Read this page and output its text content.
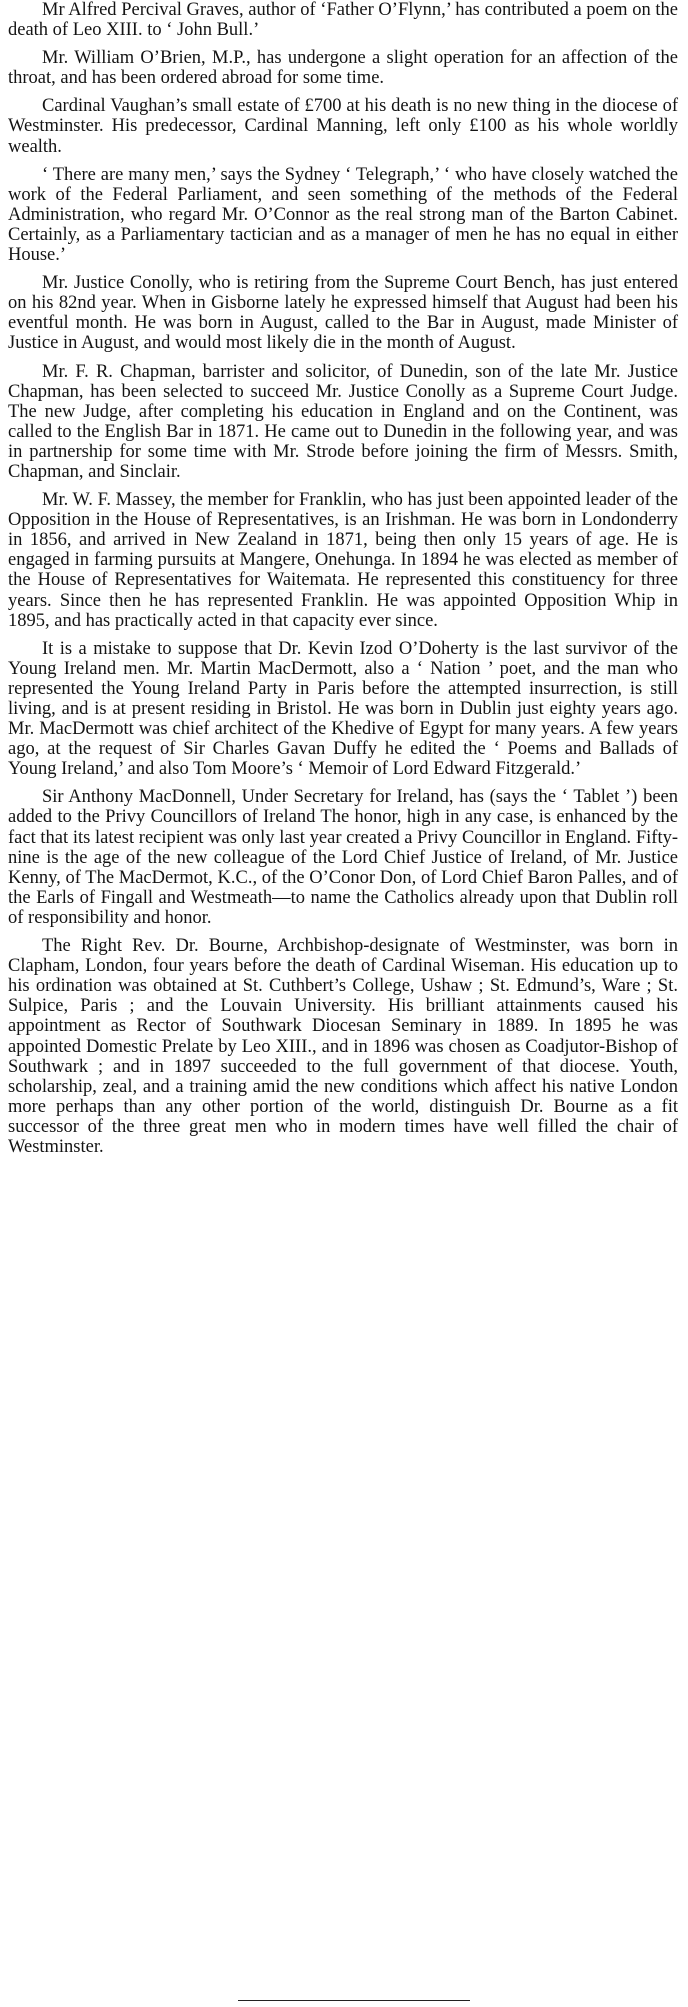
Mr Alfred Percival Graves, author of ‘Father O’Flynn,’ has contributed a poem on the death of Leo XIII. to ‘ John Bull.’

Mr. William O’Brien, M.P., has undergone a slight operation for an affection of the throat, and has been ordered abroad for some time.

Cardinal Vaughan’s small estate of £700 at his death is no new thing in the diocese of Westminster. His predecessor, Cardinal Manning, left only £100 as his whole worldly wealth.

‘ There are many men,’ says the Sydney ‘ Telegraph,’ ‘ who have closely watched the work of the Federal Parliament, and seen something of the methods of the Federal Administration, who regard Mr. O’Connor as the real strong man of the Barton Cabinet. Certainly, as a Parliamentary tactician and as a manager of men he has no equal in either House.’

Mr. Justice Conolly, who is retiring from the Supreme Court Bench, has just entered on his 82nd year. When in Gisborne lately he expressed himself that August had been his eventful month. He was born in August, called to the Bar in August, made Minister of Justice in August, and would most likely die in the month of August.

Mr. F. R. Chapman, barrister and solicitor, of Dunedin, son of the late Mr. Justice Chapman, has been selected to succeed Mr. Justice Conolly as a Supreme Court Judge. The new Judge, after completing his education in England and on the Continent, was called to the English Bar in 1871. He came out to Dunedin in the following year, and was in partnership for some time with Mr. Strode before joining the firm of Messrs. Smith, Chapman, and Sinclair.

Mr. W. F. Massey, the member for Franklin, who has just been appointed leader of the Opposition in the House of Representatives, is an Irishman. He was born in Londonderry in 1856, and arrived in New Zealand in 1871, being then only 15 years of age. He is engaged in farming pursuits at Mangere, Onehunga. In 1894 he was elected as member of the House of Representatives for Waitemata. He represented this constituency for three years. Since then he has represented Franklin. He was appointed Opposition Whip in 1895, and has practically acted in that capacity ever since.

It is a mistake to suppose that Dr. Kevin Izod O’Doherty is the last survivor of the Young Ireland men. Mr. Martin MacDermott, also a ‘ Nation ’ poet, and the man who represented the Young Ireland Party in Paris before the attempted insurrection, is still living, and is at present residing in Bristol. He was born in Dublin just eighty years ago. Mr. MacDermott was chief architect of the Khedive of Egypt for many years. A few years ago, at the request of Sir Charles Gavan Duffy he edited the ‘ Poems and Ballads of Young Ireland,’ and also Tom Moore’s ‘ Memoir of Lord Edward Fitzgerald.’

Sir Anthony MacDonnell, Under Secretary for Ireland, has (says the ‘ Tablet ’) been added to the Privy Councillors of Ireland The honor, high in any case, is enhanced by the fact that its latest recipient was only last year created a Privy Councillor in England. Fifty-nine is the age of the new colleague of the Lord Chief Justice of Ireland, of Mr. Justice Kenny, of The MacDermot, K.C., of the O’Conor Don, of Lord Chief Baron Palles, and of the Earls of Fingall and Westmeath—to name the Catholics already upon that Dublin roll of responsibility and honor.

The Right Rev. Dr. Bourne, Archbishop-designate of Westminster, was born in Clapham, London, four years before the death of Cardinal Wiseman. His education up to his ordination was obtained at St. Cuthbert’s College, Ushaw ; St. Edmund’s, Ware ; St. Sulpice, Paris ; and the Louvain University. His brilliant attainments caused his appointment as Rector of Southwark Diocesan Seminary in 1889. In 1895 he was appointed Domestic Prelate by Leo XIII., and in 1896 was chosen as Coadjutor-Bishop of Southwark ; and in 1897 succeeded to the full government of that diocese. Youth, scholarship, zeal, and a training amid the new conditions which affect his native London more perhaps than any other portion of the world, distinguish Dr. Bourne as a fit successor of the three great men who in modern times have well filled the chair of Westminster.
